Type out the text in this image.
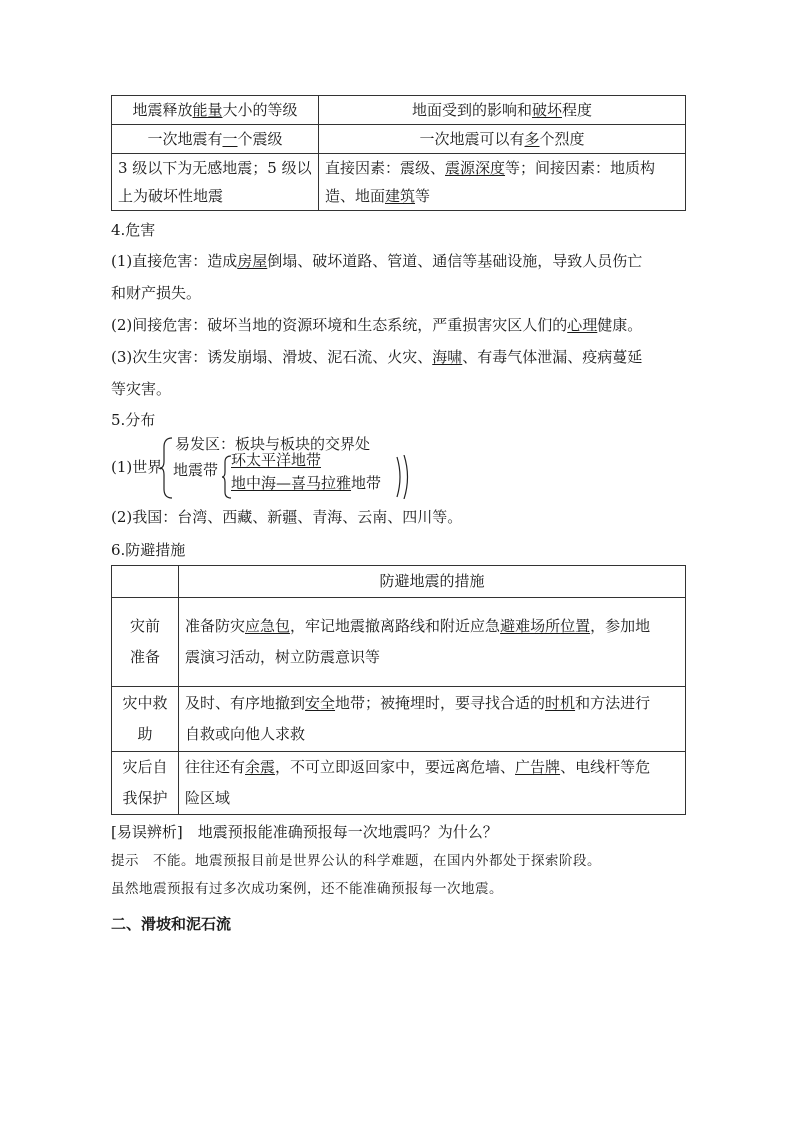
地震释放能量大小的等级	地面受到的影响和破坏程度
一次地震有一个震级	一次地震可以有多个烈度
3 级以下为无感地震；5 级以
上为破坏性地震	直接因素：震级、震源深度等；间接因素：地质构
造、地面建筑等

4.危害

(1)直接危害：造成房屋倒塌、破坏道路、管道、通信等基础设施，导致人员伤亡
和财产损失。

(2)间接危害：破坏当地的资源环境和生态系统，严重损害灾区人们的心理健康。

(3)次生灾害：诱发崩塌、滑坡、泥石流、火灾、海啸、有毒气体泄漏、疫病蔓延
等灾害。

5.分布

(1)世界
易发区：板块与板块的交界处
地震带
环太平洋地带
地中海—喜马拉雅 地带

(2)我国：台湾、西藏、新疆、青海、云南、四川等。

6.防避措施

	防避地震的措施
灾前
准备	准备防灾应急包，牢记地震撤离路线和附近应急避难场所位置，参加地
震演习活动，树立防震意识等
灾中救
助	及时、有序地撤到安全地带；被掩埋时，要寻找合适的时机和方法进行
自救或向他人求救
灾后自
我保护	往往还有余震，不可立即返回家中，要远离危墙、广告牌、电线杆等危
险区域

[易误辨析]　 地震预报能准确预报每一次地震吗？为什么？

提示　不能。地震预报目前是世界公认的科学难题，在国内外都处于探索阶段。

虽然地震预报有过多次成功案例，还不能准确预报每一次地震。

二、滑坡和泥石流
